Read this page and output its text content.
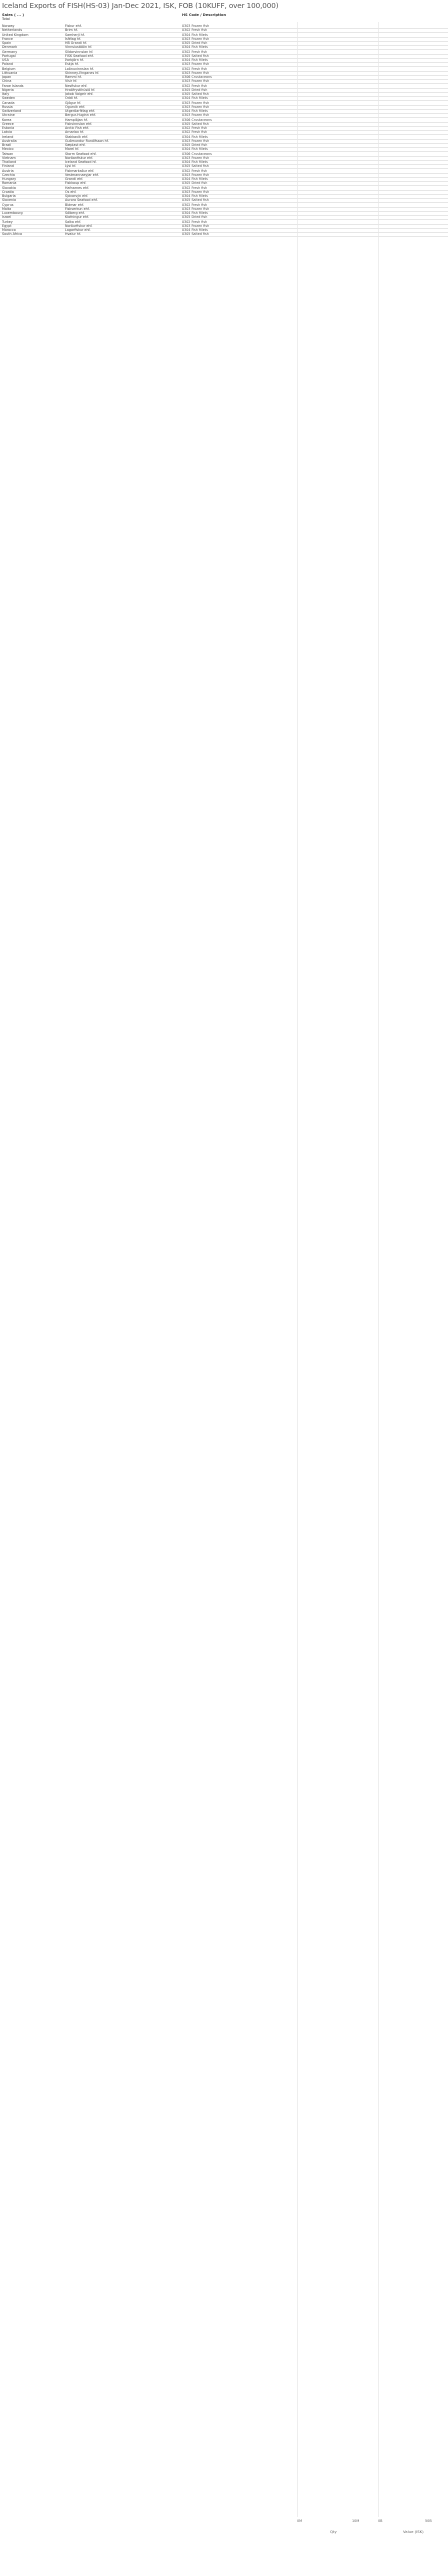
Iceland Exports of FISH(HS-03) Jan-Dec 2021, ISK, FOB (10KUFF, over 100,000)
Sales ( ... )	HS Code / Description
Total
Norway	Fiskur ehf.	0303 Frozen fish
Netherlands	Brim hf.	0302 Fresh fish
United Kingdom	Samherji hf.	0304 Fish fillets
France	Ísfélag hf.	0303 Frozen fish
Spain	HB Grandi hf.	0305 Dried fish
Denmark	Vinnslustöðin hf.	0304 Fish fillets
Germany	Síldarvinnslan hf.	0302 Fresh fish
Portugal	FISK Seafood ehf.	0305 Salted fish
USA	Þorbjörn hf.	0304 Fish fillets
Poland	Eskja hf.	0303 Frozen fish
Belgium	Loðnuvinnslan hf.	0302 Fresh fish
Lithuania	Skinney-Þinganes hf.	0303 Frozen fish
Japan	Rammi hf.	0306 Crustaceans
China	Vísir hf.	0303 Frozen fish
Faroe Islands	Nesfiskur ehf.	0302 Fresh fish
Nigeria	Hraðfrystihúsið hf.	0305 Dried fish
Italy	Jakob Valgeir ehf.	0305 Salted fish
Sweden	Oddi hf.	0304 Fish fillets
Canada	Gjögur hf.	0303 Frozen fish
Russia	Ögurvík ehf.	0303 Frozen fish
Switzerland	Útgerðarfélag ehf.	0304 Fish fillets
Ukraine	Bergur-Huginn ehf.	0303 Frozen fish
Korea	Hampiðjan hf.	0306 Crustaceans
Greece	Fiskvinnslan ehf.	0305 Salted fish
Estonia	Arctic Fish ehf.	0302 Fresh fish
Latvia	Arnarlax hf.	0302 Fresh fish
Ireland	Stakkavík ehf.	0304 Fish fillets
Australia	Guðmundur Runólfsson hf.	0303 Frozen fish
Brazil	Sæplast ehf.	0305 Dried fish
Mexico	Marel hf.	0304 Fish fillets
Taiwan	Storm Seafood ehf.	0306 Crustaceans
Vietnam	Norðanfiskur ehf.	0303 Frozen fish
Thailand	Iceland Seafood hf.	0304 Fish fillets
Finland	Lýsi hf.	0305 Salted fish
Austria	Fiskmarkaður ehf.	0302 Fresh fish
Czechia	Vestmannaeyjar ehf.	0303 Frozen fish
Hungary	Grandi ehf.	0304 Fish fillets
Romania	Fiskkaup ehf.	0305 Dried fish
Slovakia	Hafnarnes ehf.	0302 Fresh fish
Croatia	Ós ehf.	0303 Frozen fish
Bulgaria	Sjávarsýn ehf.	0304 Fish fillets
Slovenia	Aurora Seafood ehf.	0305 Salted fish
Cyprus	Blámar ehf.	0302 Fresh fish
Malta	Fiskverkun ehf.	0303 Frozen fish
Luxembourg	Sólberg ehf.	0304 Fish fillets
Israel	Klofningur ehf.	0305 Dried fish
Turkey	Salka ehf.	0302 Fresh fish
Egypt	Norðurfiskur ehf.	0303 Frozen fish
Morocco	Lagarfiskur ehf.	0304 Fish fillets
South Africa	Hvalur hf.	0305 Salted fish
0M	10M	0B	50B
Qty	Value (ISK)
